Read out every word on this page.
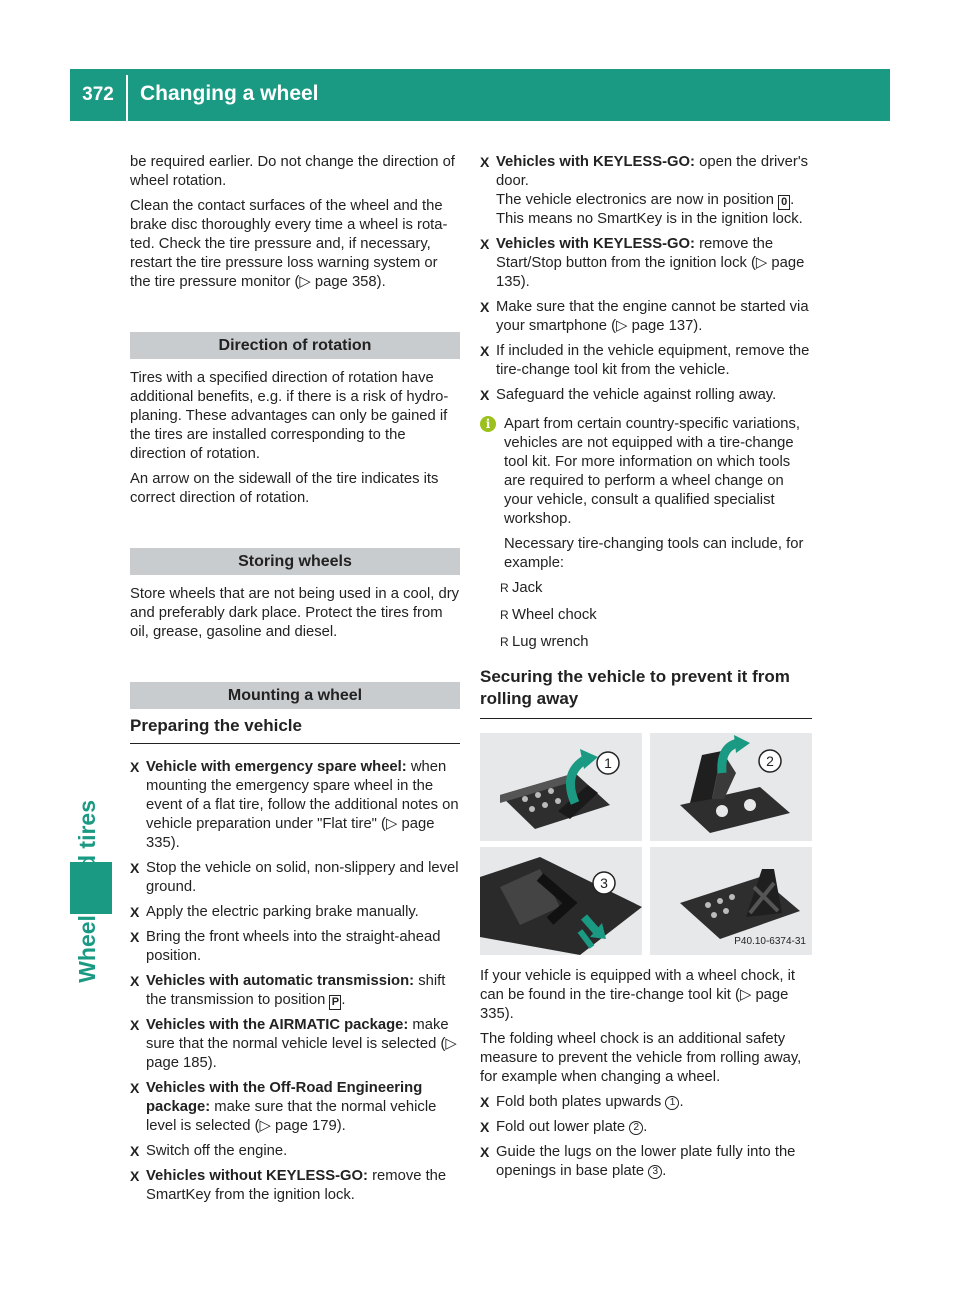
372	Changing a wheel

be required earlier. Do not change the direction of wheel rotation.

Clean the contact surfaces of the wheel and the brake disc thoroughly every time a wheel is rotated. Check the tire pressure and, if necessary, restart the tire pressure loss warning system or the tire pressure monitor (▷ page 358).

Direction of rotation

Tires with a specified direction of rotation have additional benefits, e.g. if there is a risk of hydroplaning. These advantages can only be gained if the tires are installed corresponding to the direction of rotation.

An arrow on the sidewall of the tire indicates its correct direction of rotation.

Storing wheels

Store wheels that are not being used in a cool, dry and preferably dark place. Protect the tires from oil, grease, gasoline and diesel.

Mounting a wheel
Preparing the vehicle
X Vehicle with emergency spare wheel: when mounting the emergency spare wheel in the event of a flat tire, follow the additional notes on vehicle preparation under "Flat tire" (▷ page 335).
X Stop the vehicle on solid, non-slippery and level ground.
X Apply the electric parking brake manually.
X Bring the front wheels into the straight-ahead position.
X Vehicles with automatic transmission: shift the transmission to position P .
X Vehicles with the AIRMATIC package: make sure that the normal vehicle level is selected (▷ page 185).
X Vehicles with the Off-Road Engineering package: make sure that the normal vehicle level is selected (▷ page 179).
X Switch off the engine.
X Vehicles without KEYLESS-GO: remove the SmartKey from the ignition lock.
X Vehicles with KEYLESS-GO: open the driver's door.
The vehicle electronics are now in position 0 . This means no SmartKey is in the ignition lock.
X Vehicles with KEYLESS-GO: remove the Start/Stop button from the ignition lock (▷ page 135).
X Make sure that the engine cannot be started via your smartphone (▷ page 137).
X If included in the vehicle equipment, remove the tire-change tool kit from the vehicle.
X Safeguard the vehicle against rolling away.
i Apart from certain country-specific variations, vehicles are not equipped with a tire-change tool kit. For more information on which tools are required to perform a wheel change on your vehicle, consult a qualified specialist workshop.

Necessary tire-changing tools can include, for example:

R Jack
R Wheel chock
R Lug wrench
Securing the vehicle to prevent it from rolling away
1	2
3
P40.10-6374-31

If your vehicle is equipped with a wheel chock, it can be found in the tire-change tool kit (▷ page 335).

The folding wheel chock is an additional safety measure to prevent the vehicle from rolling away, for example when changing a wheel.

X Fold both plates upwards 1 .
X Fold out lower plate 2 .
X Guide the lugs on the lower plate fully into the openings in base plate 3 .
